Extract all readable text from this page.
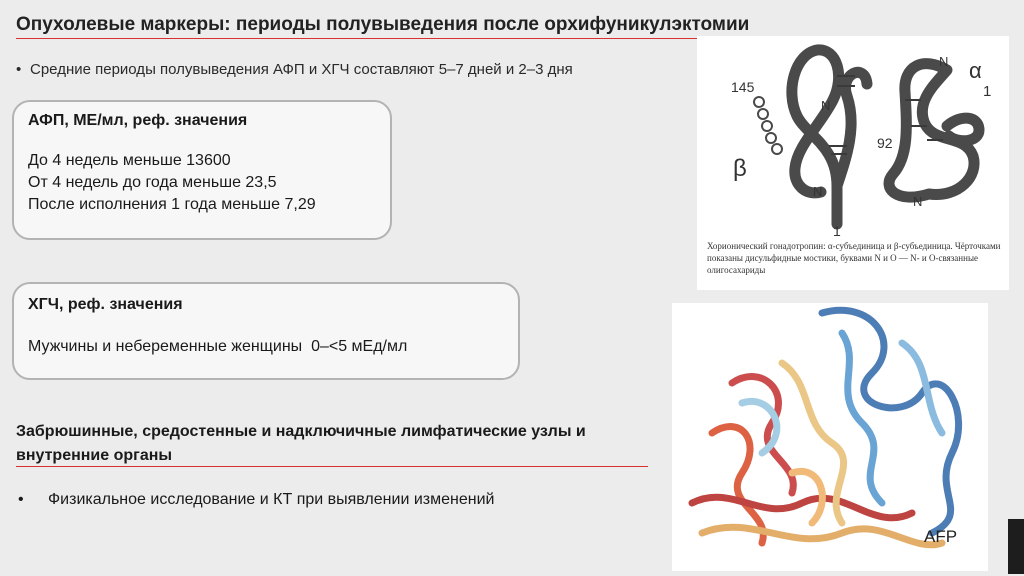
Опухолевые маркеры: периоды полувыведения после орхифуникулэктомии
• Средние периоды полувыведения АФП и ХГЧ составляют 5–7 дней и 2–3 дня
АФП, МЕ/мл, реф. значения
До 4 недель меньше 13600
От 4 недель до года меньше 23,5
После исполнения 1 года меньше 7,29
ХГЧ, реф. значения
Мужчины и небеременные женщины  0–<5 мЕд/мл
Забрюшинные, средостенные и надключичные лимфатические узлы и внутренние органы
• Физикальное исследование и КТ при выявлении изменений
145
β
α
92
1
1
N
N
N
N
Хорионический гонадотропин: α-субъединица и β-субъединица. Чёрточками показаны дисульфидные мостики, буквами N и O — N- и O-связанные олигосахариды
AFP
